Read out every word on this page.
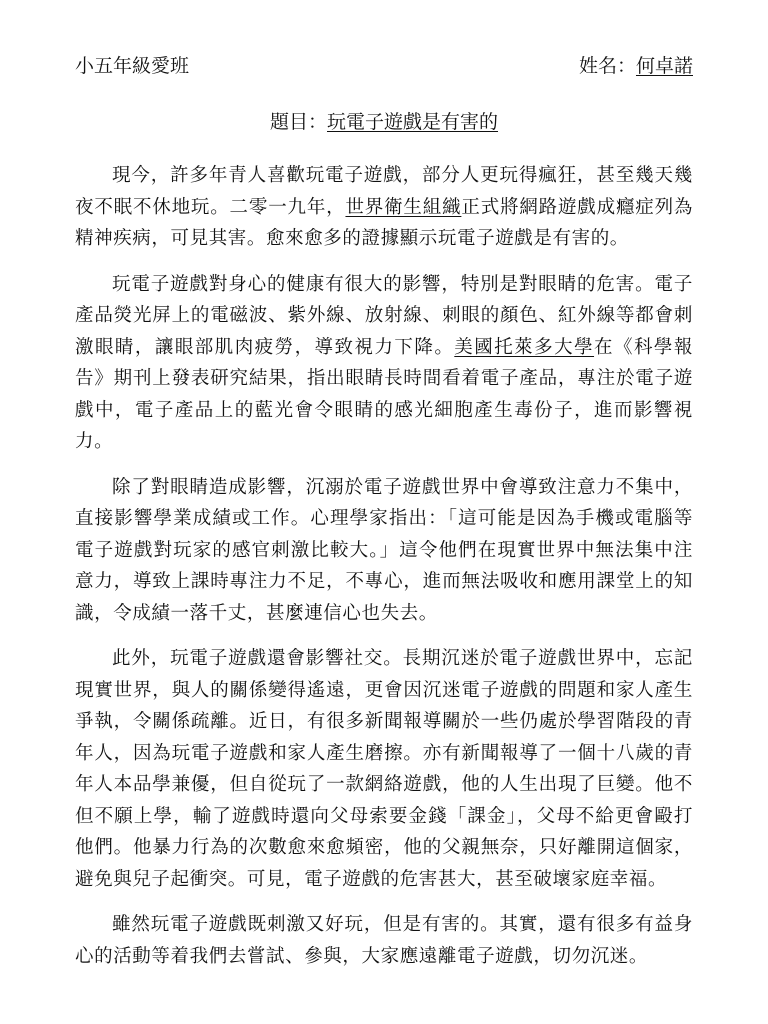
小五年級愛班	姓名： 何卓諾
題目：玩電子遊戲是有害的

現今，許多年青人喜歡玩電子遊戲，部分人更玩得瘋狂，甚至幾天幾夜不眠不休地玩。二零一九年，世界衛生組織正式將網路遊戲成癮症列為精神疾病，可見其害。愈來愈多的證據顯示玩電子遊戲是有害的。

玩電子遊戲對身心的健康有很大的影響，特別是對眼睛的危害。電子產品熒光屏上的電磁波、紫外線、放射線、刺眼的顏色、紅外線等都會刺激眼睛，讓眼部肌肉疲勞，導致視力下降。美國托萊多大學在《科學報告》期刊上發表研究結果，指出眼睛長時間看着電子產品，專注於電子遊戲中，電子產品上的藍光會令眼睛的感光細胞產生毒份子，進而影響視力。

除了對眼睛造成影響，沉溺於電子遊戲世界中會導致注意力不集中，直接影響學業成績或工作。心理學家指出：「這可能是因為手機或電腦等電子遊戲對玩家的感官刺激比較大。」這令他們在現實世界中無法集中注意力，導致上課時專注力不足，不專心，進而無法吸收和應用課堂上的知識，令成績一落千丈，甚麼連信心也失去。

此外，玩電子遊戲還會影響社交。長期沉迷於電子遊戲世界中，忘記現實世界，與人的關係變得遙遠，更會因沉迷電子遊戲的問題和家人產生爭執，令關係疏離。近日，有很多新聞報導關於一些仍處於學習階段的青年人，因為玩電子遊戲和家人產生磨擦。亦有新聞報導了一個十八歲的青年人本品學兼優，但自從玩了一款網絡遊戲，他的人生出現了巨變。他不但不願上學，輸了遊戲時還向父母索要金錢「課金」，父母不給更會毆打他們。他暴力行為的次數愈來愈頻密，他的父親無奈，只好離開這個家，避免與兒子起衝突。可見，電子遊戲的危害甚大，甚至破壞家庭幸福。

雖然玩電子遊戲既刺激又好玩，但是有害的。其實，還有很多有益身心的活動等着我們去嘗試、參與，大家應遠離電子遊戲，切勿沉迷。
